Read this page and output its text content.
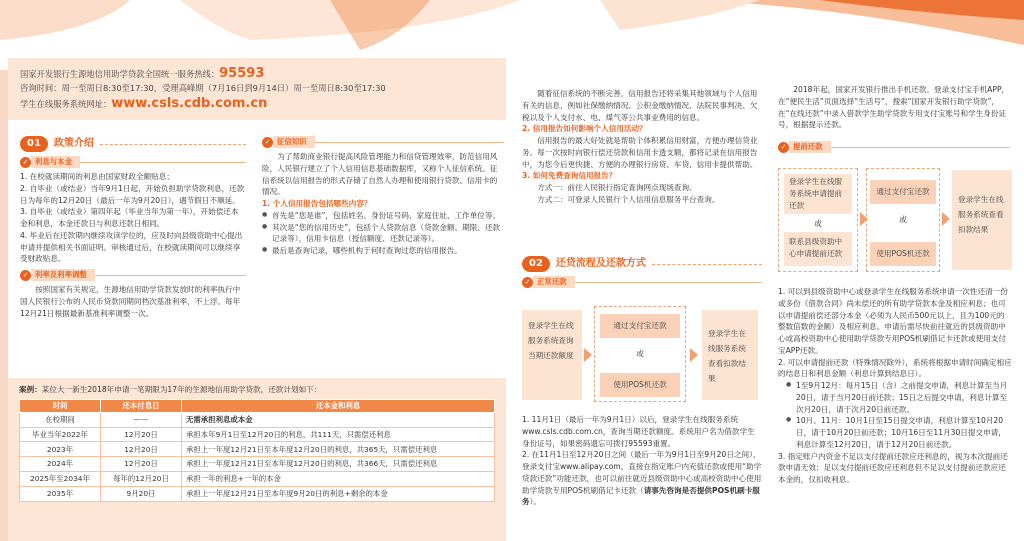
国家开发银行生源地信用助学贷款全国统一服务热线：95593
咨询时间：周一至周日8:30至17:30，受理高峰期（7月16日到9月14日）周一至周日8:30至17:30
学生在线服务系统网址：www.csls.cdb.com.cn
01	政策介绍
✓ 利息与本金

1. 在校就读期间的利息由国家财政全额贴息；

2. 自毕业（或结业）当年9月1日起，开始负担助学贷款利息，还款日为每年的12月20日（最后一年为9月20日），遇节假日不顺延。

3. 自毕业（或结业）第四年起（毕业当年为第一年），开始偿还本金和利息，本金还款日与利息还款日相同。

4. 毕业后在还款期内继续攻读学位的，应及时向县级资助中心提出申请并提供相关书面证明。审核通过后，在校就读期间可以继续享受财政贴息。

✓ 利率及利率调整

按照国家有关规定，生源地信用助学贷款发放时的利率执行中国人民银行公布的人民币贷款同期同档次基准利率，不上浮。每年12月21日根据最新基准利率调整一次。

✓ 征信知识

为了帮助商业银行提高风险管理能力和信贷管理效率，防范信用风险，人民银行建立了个人信用信息基础数据库，又称个人征信系统。征信系统以信用报告的形式存储了自然人办理和使用银行贷款、信用卡的情况。

1. 个人信用报告包括哪些内容？

● 首先是“您是谁”，包括姓名、身份证号码、家庭住址、工作单位等。

● 其次是“您的信用历史”，包括个人贷款信息（贷款金额、期限、还款记录等），信用卡信息（授信额度、还款记录等）。

● 最后是查询记录，哪些机构于何时查询过您的信用报告。

案例：某位大一新生2018年申请一笔期限为17年的生源地信用助学贷款，还款计划如下：
时间	还本付息日	还本金和利息
在校期间	——	无需承担利息或本金
毕业当年2022年	12月20日	承担本年9月1日至12月20日的利息，共111天，只需偿还利息
2023年	12月20日	承担上一年度12月21日至本年度12月20日的利息，共365天，只需偿还利息
2024年	12月20日	承担上一年度12月21日至本年度12月20日的利息，共366天，只需偿还利息
2025年至2034年	每年的12月20日	承担一年的利息+一年的本金
2035年	9月20日	承担上一年度12月21日至本年度9月20日的利息+剩余的本金

随着征信系统的不断完善，信用报告还将采集其他领域与个人信用有关的信息，例如社保缴纳情况、公积金缴纳情况、法院民事判决、欠税以及个人支付水、电、煤气等公共事业费用的信息。

2. 信用报告如何影响个人信用活动？

信用报告的最大好处就是帮助个体积累信用财富，方便办理信贷业务。每一次按时向银行偿还贷款和信用卡透支额，都将记录在信用报告中，为您今后更快捷、方便的办理银行房贷、车贷、信用卡提供帮助。

3. 如何免费查询信用报告？

方式一：前往人民银行指定查询网点现场查询。

方式二：可登录人民银行个人信用信息服务平台查询。

02	还贷流程及还款方式
✓ 正常还款
登录学生在线服务系统查询当期还款额度
通过支付宝还款
或
使用POS机还款
登录学生在线服务系统查看扣款结果

1. 11月1日（最后一年为9月1日）以后，登录学生在线服务系统www.csls.cdb.com.cn，查询当期还款额度。系统用户名为借款学生身份证号，如果密码遗忘可拨打95593重置。

2. 在11月1日至12月20日之间（最后一年为9月1日至9月20日之间），登录支付宝www.alipay.com，直接在指定账户内充值还款或使用“助学贷款还款”功能还款，也可以前往就近县级资助中心或高校资助中心使用助学贷款专用POS机刷借记卡还款（请事先咨询是否提供POS机刷卡服务）。

2018年起，国家开发银行推出手机还款。登录支付宝手机APP，在“便民生活”页面选择“生活号”，搜索“国家开发银行助学贷款”，在“在线还款”中录入借款学生助学贷款专用支付宝账号和学生身份证号，根据提示还款。

✓ 提前还款
登录学生在线服务系统申请提前还款
或
联系县级资助中心申请提前还款
通过支付宝还款
或
使用POS机还款
登录学生在线服务系统查看扣款结果

1. 可以到县级资助中心或登录学生在线服务系统申请一次性还清一份或多份《借款合同》尚未偿还的所有助学贷款本金及相应利息；也可以申请提前偿还部分本金（必须为人民币500元以上，且为100元的整数倍数的金额）及相应利息。申请后需尽快前往就近的县级资助中心或高校资助中心使用助学贷款专用POS机刷借记卡还款或使用支付宝APP还款。

2. 可以申请提前还款（特殊情况除外），系统将根据申请时间确定相应的结息日和利息金额（利息计算到结息日）。

● 1至9月12月：每月15日（含）之前提交申请，利息计算至当月20日，请于当月20日前还款；15日之后提交申请，利息计算至次月20日，请于次月20日前还款。

● 10月、11月：10月1日至15日提交申请，利息计算至10月20日，请于10月20日前还款；10月16日至11月30日提交申请，利息计算至12月20日，请于12月20日前还款。

3. 指定账户内资金不足以支付提前还款应还利息的，视为本次提前还款申请无效；足以支付提前还款应还利息但不足以支付提前还款应还本金的，仅扣收利息。
